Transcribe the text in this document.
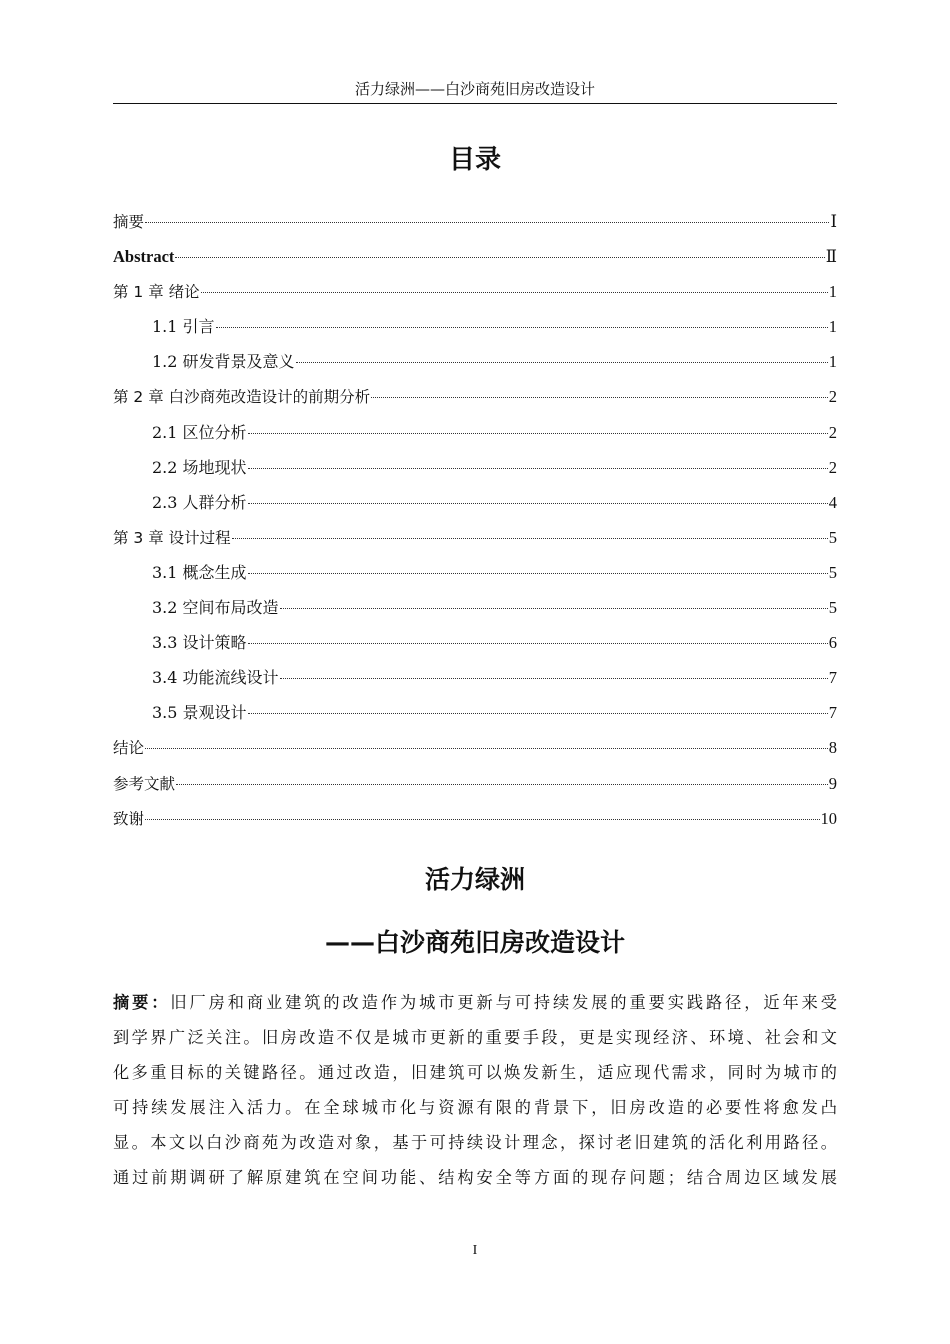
活力绿洲——白沙商苑旧房改造设计
目录
摘要	Ⅰ
Abstract	Ⅱ
第 1 章 绪论	1
1.1 引言	1
1.2 研发背景及意义	1
第 2 章 白沙商苑改造设计的前期分析	2
2.1 区位分析	2
2.2 场地现状	2
2.3 人群分析	4
第 3 章 设计过程	5
3.1 概念生成	5
3.2 空间布局改造	5
3.3 设计策略	6
3.4 功能流线设计	7
3.5 景观设计	7
结论	8
参考文献	9
致谢	10
活力绿洲
——白沙商苑旧房改造设计
摘要：旧厂房和商业建筑的改造作为城市更新与可持续发展的重要实践路径，近年来受
到学界广泛关注。旧房改造不仅是城市更新的重要手段，更是实现经济、环境、社会和文
化多重目标的关键路径。通过改造，旧建筑可以焕发新生，适应现代需求，同时为城市的
可持续发展注入活力。在全球城市化与资源有限的背景下，旧房改造的必要性将愈发凸
显。本文以白沙商苑为改造对象，基于可持续设计理念，探讨老旧建筑的活化利用路径。
通过前期调研了解原建筑在空间功能、结构安全等方面的现存问题；结合周边区域发展
I
